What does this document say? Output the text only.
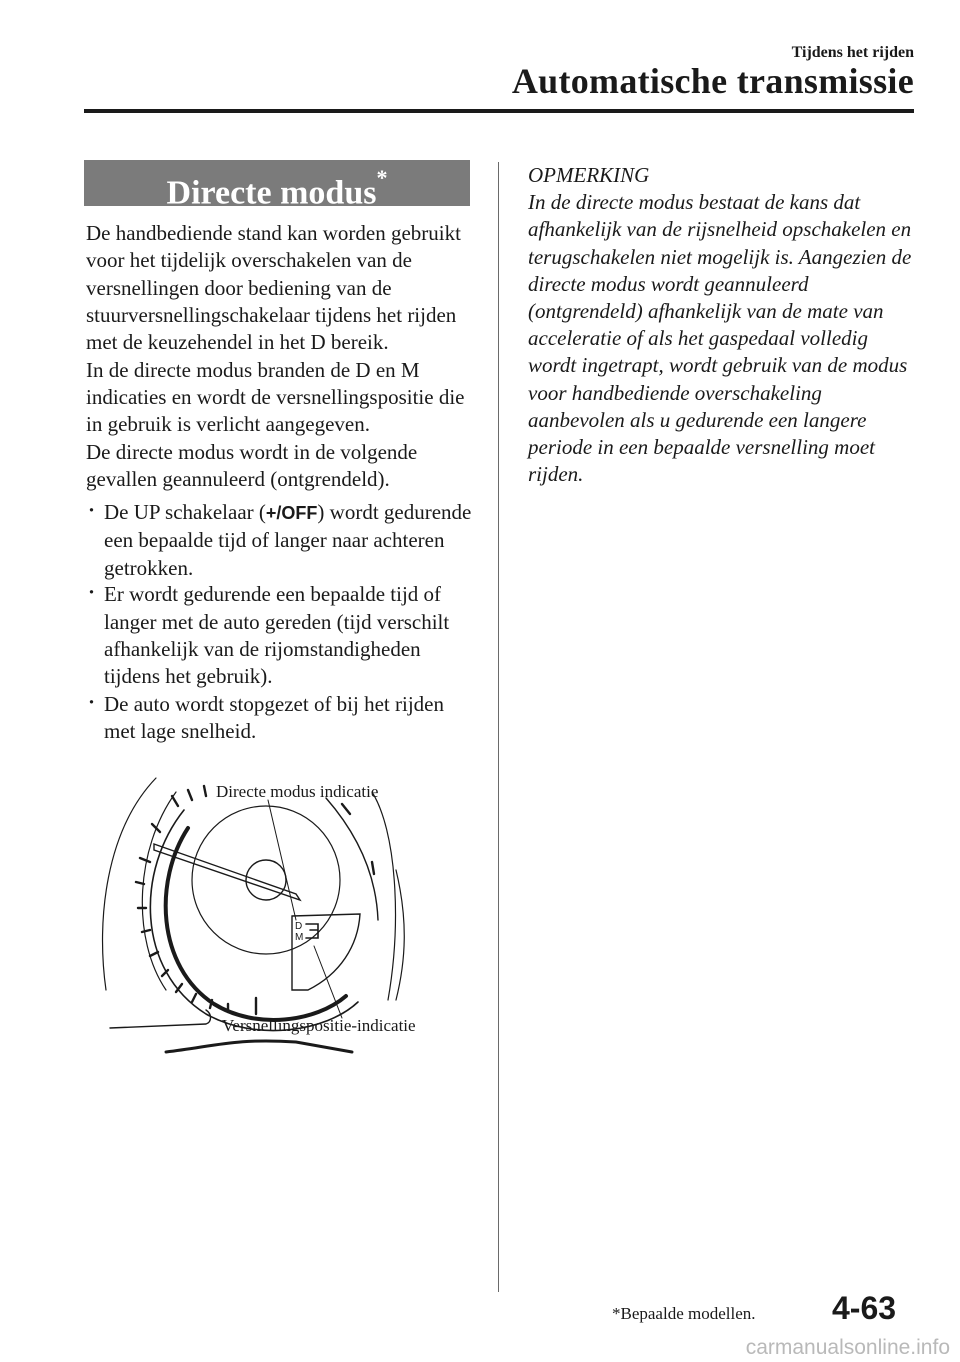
Tijdens het rijden
Automatische transmissie
Directe modus*

De handbediende stand kan worden gebruikt voor het tijdelijk overschakelen van de versnellingen door bediening van de stuurversnellingschakelaar tijdens het rijden met de keuzehendel in het D bereik.

In de directe modus branden de D en M indicaties en wordt de versnellingspositie die in gebruik is verlicht aangegeven.

De directe modus wordt in de volgende gevallen geannuleerd (ontgrendeld).

· De UP schakelaar (+/OFF) wordt gedurende een bepaalde tijd of langer naar achteren getrokken.

· Er wordt gedurende een bepaalde tijd of langer met de auto gereden (tijd verschilt afhankelijk van de rijomstandigheden tijdens het gebruik).

· De auto wordt stopgezet of bij het rijden met lage snelheid.

OPMERKING

In de directe modus bestaat de kans dat afhankelijk van de rijsnelheid opschakelen en terugschakelen niet mogelijk is. Aangezien de directe modus wordt geannuleerd (ontgrendeld) afhankelijk van de mate van acceleratie of als het gaspedaal volledig wordt ingetrapt, wordt gebruik van de modus voor handbediende overschakeling aanbevolen als u gedurende een langere periode in een bepaalde versnelling moet rijden.

D
M
Directe modus indicatie
Versnellingspositie-indicatie
*Bepaalde modellen. 4-63
carmanualsonline.info
